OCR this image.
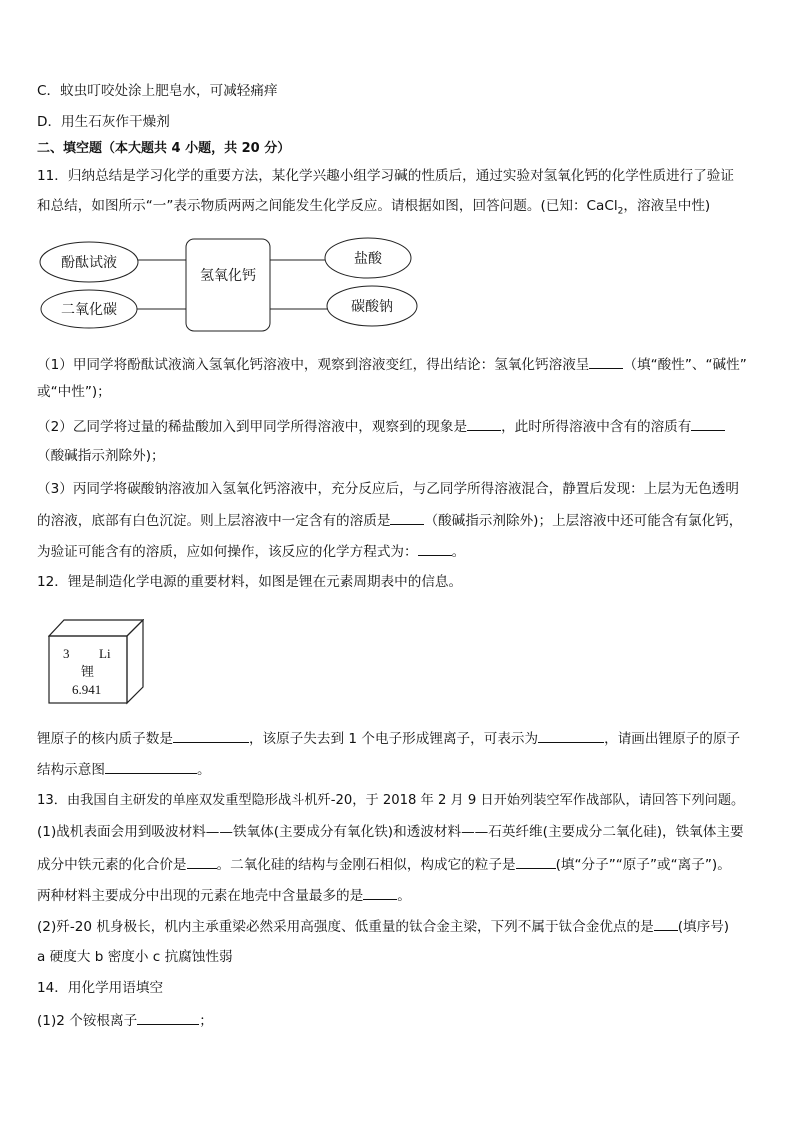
C．蚊虫叮咬处涂上肥皂水，可减轻痛痒
D．用生石灰作干燥剂
二、填空题（本大题共 4 小题，共 20 分）
11．归纳总结是学习化学的重要方法，某化学兴趣小组学习碱的性质后，通过实验对氢氧化钙的化学性质进行了验证
和总结，如图所示“一”表示物质两两之间能发生化学反应。请根据如图，回答问题。(已知：CaCl$_2$，溶液呈中性)
酚酞试液
二氧化碳
盐酸
碳酸钠
氢氧化钙
（1）甲同学将酚酞试液滴入氢氧化钙溶液中，观察到溶液变红，得出结论：氢氧化钙溶液呈	（填“酸性”、“碱性”
或“中性”)；
（2）乙同学将过量的稀盐酸加入到甲同学所得溶液中，观察到的现象是	，此时所得溶液中含有的溶质有
（酸碱指示剂除外)；
（3）丙同学将碳酸钠溶液加入氢氧化钙溶液中，充分反应后，与乙同学所得溶液混合，静置后发现：上层为无色透明
的溶液，底部有白色沉淀。则上层溶液中一定含有的溶质是	（酸碱指示剂除外)；上层溶液中还可能含有氯化钙，
为验证可能含有的溶质，应如何操作，该反应的化学方程式为：	。
12．锂是制造化学电源的重要材料，如图是锂在元素周期表中的信息。
3 Li
锂
6.941
锂原子的核内质子数是	，该原子失去到 1 个电子形成锂离子，可表示为	，请画出锂原子的原子
结构示意图	。
13．由我国自主研发的单座双发重型隐形战斗机歼-20，于 2018 年 2 月 9 日开始列装空军作战部队，请回答下列问题。
(1)战机表面会用到吸波材料——铁氧体(主要成分有氧化铁)和透波材料——石英纤维(主要成分二氧化硅)，铁氧体主要
成分中铁元素的化合价是 。二氧化硅的结构与金刚石相似，构成它的粒子是	(填“分子”“原子”或“离子”)。
两种材料主要成分中出现的元素在地壳中含量最多的是	。
(2)歼-20 机身极长，机内主承重梁必然采用高强度、低重量的钛合金主梁，下列不属于钛合金优点的是 (填序号)
a 硬度大 b 密度小 c 抗腐蚀性弱
14．用化学用语填空
(1)2 个铵根离子	；
